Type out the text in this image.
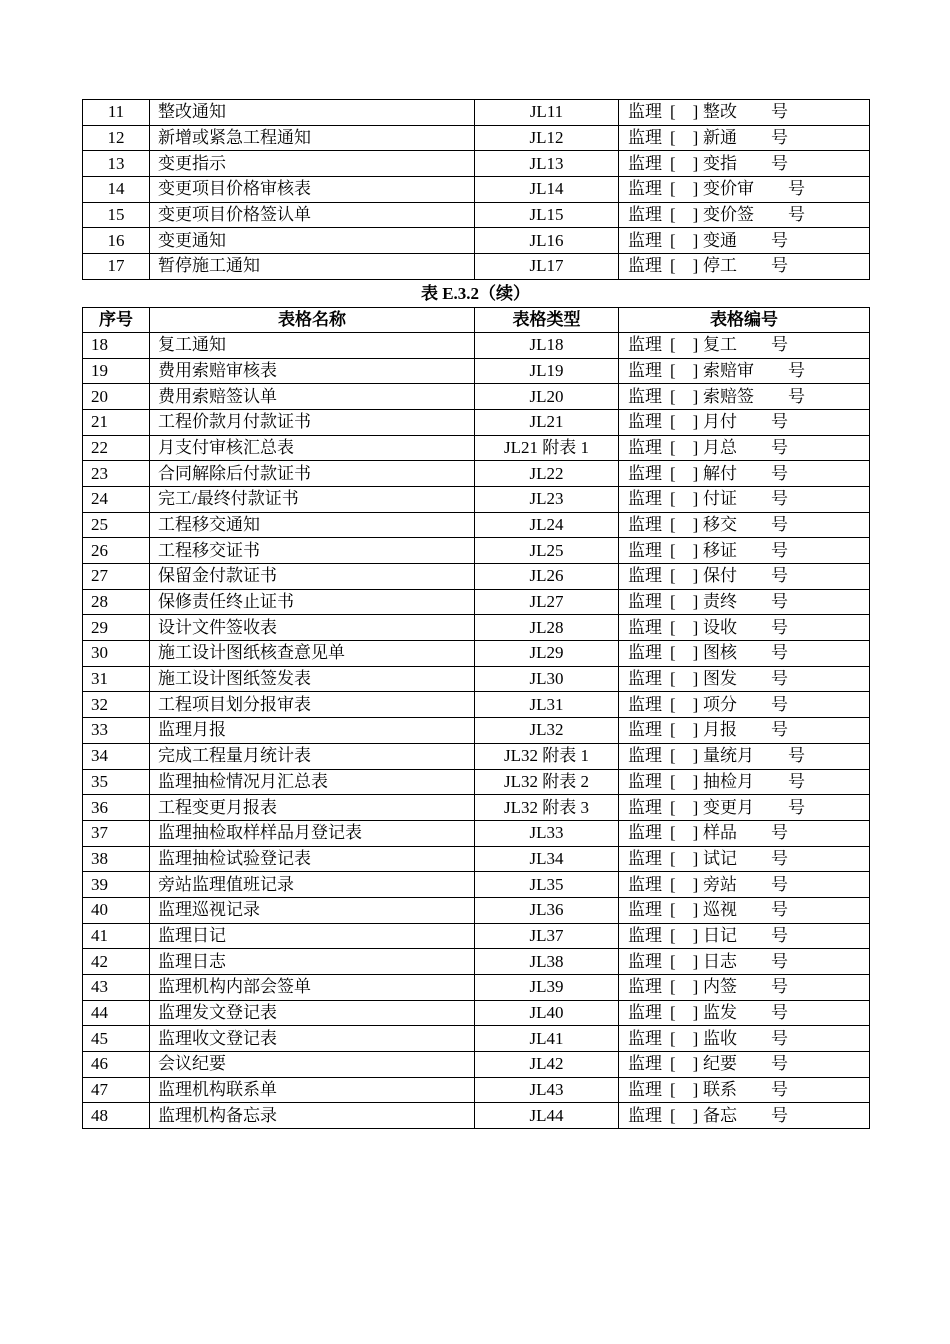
11	整改通知	JL11	监理 [　] 整改 号
12	新增或紧急工程通知	JL12	监理 [　] 新通 号
13	变更指示	JL13	监理 [　] 变指 号
14	变更项目价格审核表	JL14	监理 [　] 变价审 号
15	变更项目价格签认单	JL15	监理 [　] 变价签 号
16	变更通知	JL16	监理 [　] 变通 号
17	暂停施工通知	JL17	监理 [　] 停工 号
表 E.3.2（续）
序号	表格名称	表格类型	表格编号
18	复工通知	JL18	监理 [　] 复工 号
19	费用索赔审核表	JL19	监理 [　] 索赔审 号
20	费用索赔签认单	JL20	监理 [　] 索赔签 号
21	工程价款月付款证书	JL21	监理 [　] 月付 号
22	月支付审核汇总表	JL21 附表 1	监理 [　] 月总 号
23	合同解除后付款证书	JL22	监理 [　] 解付 号
24	完工/最终付款证书	JL23	监理 [　] 付证 号
25	工程移交通知	JL24	监理 [　] 移交 号
26	工程移交证书	JL25	监理 [　] 移证 号
27	保留金付款证书	JL26	监理 [　] 保付 号
28	保修责任终止证书	JL27	监理 [　] 责终 号
29	设计文件签收表	JL28	监理 [　] 设收 号
30	施工设计图纸核查意见单	JL29	监理 [　] 图核 号
31	施工设计图纸签发表	JL30	监理 [　] 图发 号
32	工程项目划分报审表	JL31	监理 [　] 项分 号
33	监理月报	JL32	监理 [　] 月报 号
34	完成工程量月统计表	JL32 附表 1	监理 [　] 量统月 号
35	监理抽检情况月汇总表	JL32 附表 2	监理 [　] 抽检月 号
36	工程变更月报表	JL32 附表 3	监理 [　] 变更月 号
37	监理抽检取样样品月登记表	JL33	监理 [　] 样品 号
38	监理抽检试验登记表	JL34	监理 [　] 试记 号
39	旁站监理值班记录	JL35	监理 [　] 旁站 号
40	监理巡视记录	JL36	监理 [　] 巡视 号
41	监理日记	JL37	监理 [　] 日记 号
42	监理日志	JL38	监理 [　] 日志 号
43	监理机构内部会签单	JL39	监理 [　] 内签 号
44	监理发文登记表	JL40	监理 [　] 监发 号
45	监理收文登记表	JL41	监理 [　] 监收 号
46	会议纪要	JL42	监理 [　] 纪要 号
47	监理机构联系单	JL43	监理 [　] 联系 号
48	监理机构备忘录	JL44	监理 [　] 备忘 号
